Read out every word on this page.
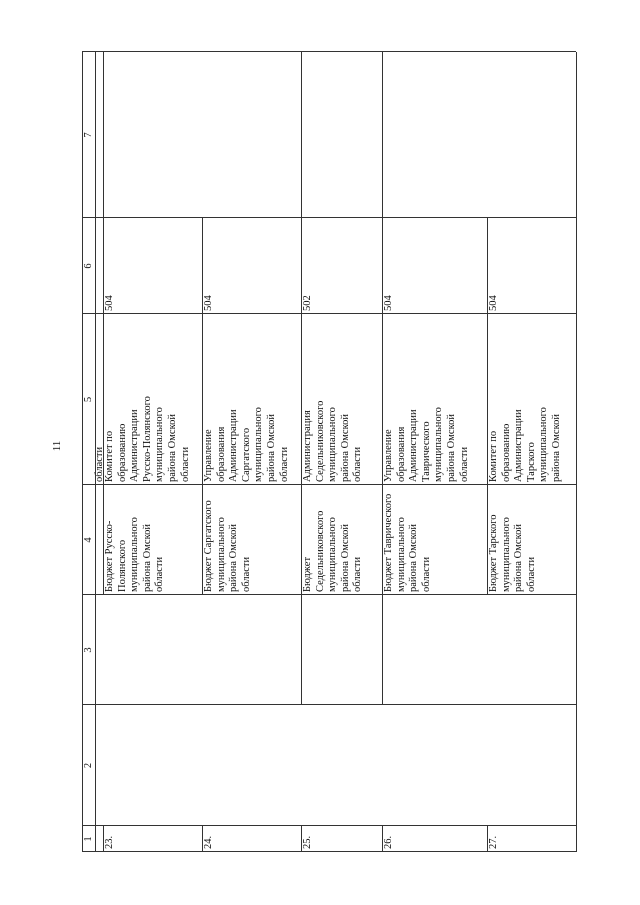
11
1
2
3
4
5
6
7
области
23.
Бюджет Русско-
Полянского
муниципального
района Омской
области
Комитет по
образованию
Администрации
Русско-Полянского
муниципального
района Омской
области
504
24.
Бюджет Саргатского
муниципального
района Омской
области
Управление
образования
Администрации
Саргатского
муниципального
района Омской
области
504
25.
Бюджет
Седельниковского
муниципального
района Омской
области
Администрация
Седельниковского
муниципального
района Омской
области
502
26.
Бюджет Таврического
муниципального
района Омской
области
Управление
образования
Администрации
Таврического
муниципального
района Омской
области
504
27.
Бюджет Тарского
муниципального
района Омской
области
Комитет по
образованию
Администрации
Тарского
муниципального
района Омской
504
